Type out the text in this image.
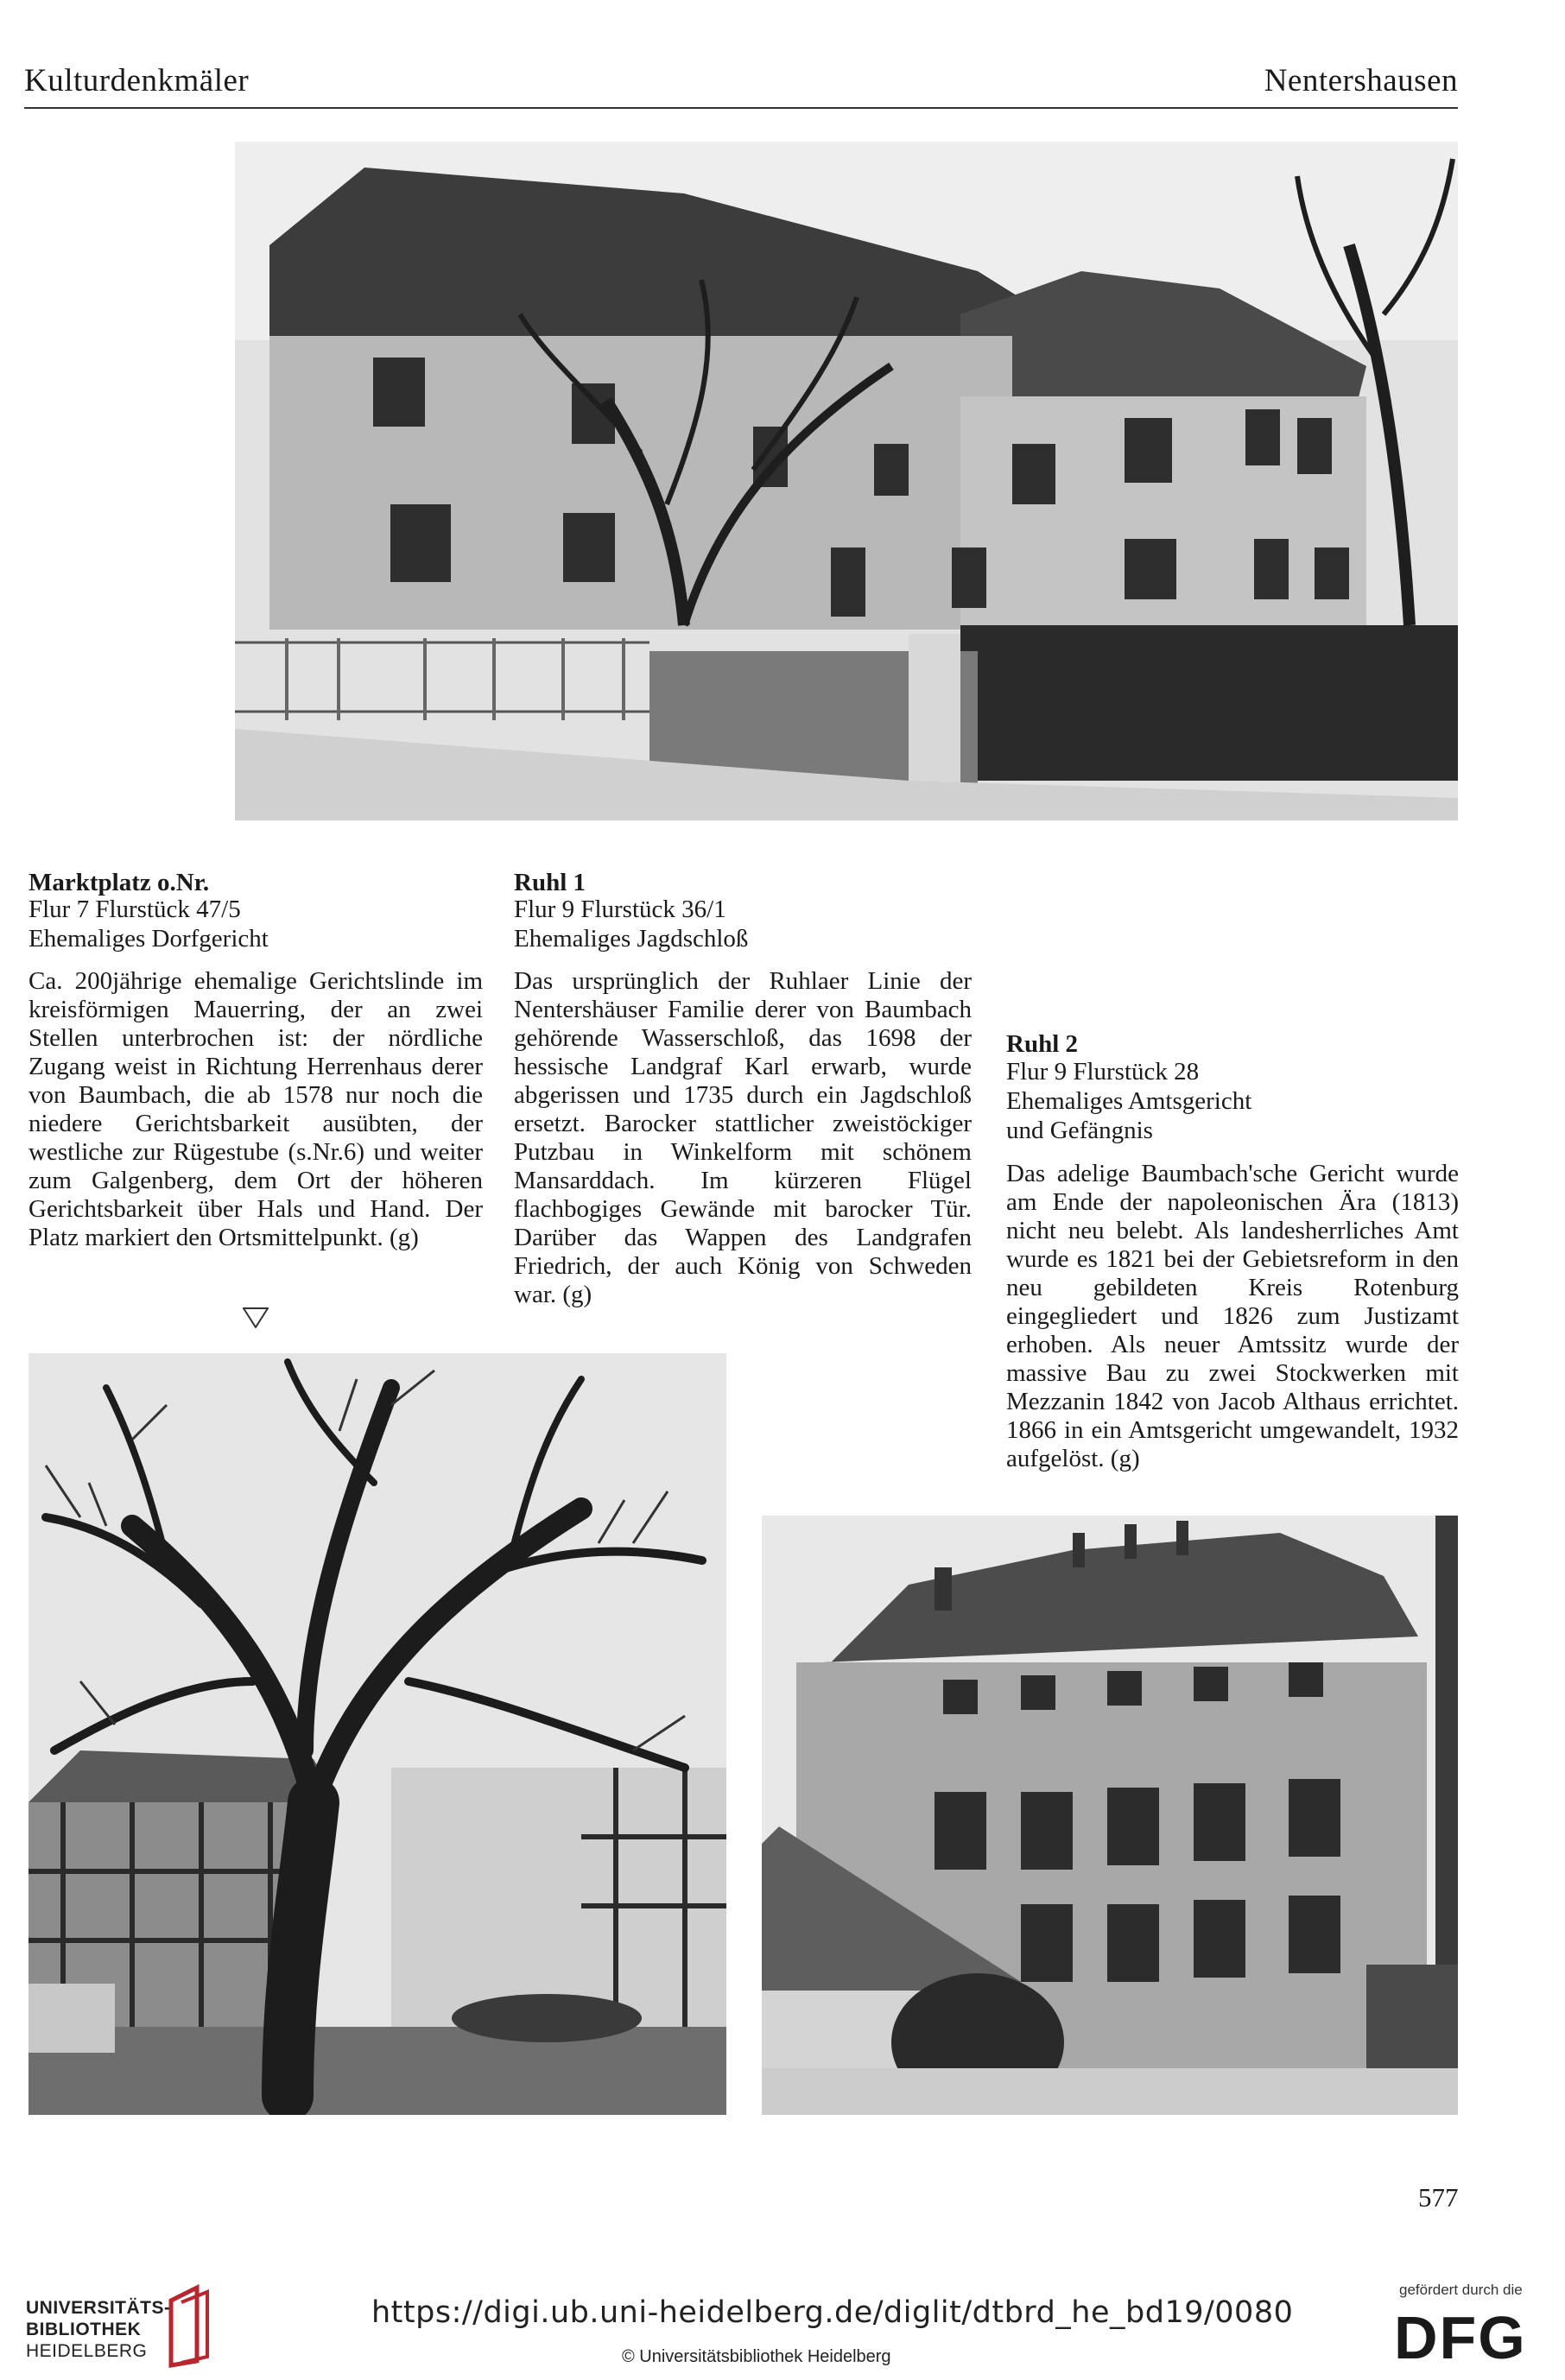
Kulturdenkmäler	Nentershausen
Marktplatz o.Nr.
Flur 7 Flurstück 47/5
Ehemaliges Dorfgericht
Ca. 200jährige ehemalige Gerichtslinde im kreisförmigen Mauerring, der an zwei Stellen unterbrochen ist: der nördliche Zugang weist in Richtung Herrenhaus derer von Baumbach, die ab 1578 nur noch die niedere Gerichtsbarkeit ausübten, der westliche zur Rügestube (s.Nr.6) und weiter zum Galgenberg, dem Ort der höheren Gerichtsbarkeit über Hals und Hand. Der Platz markiert den Ortsmittelpunkt. (g)
Ruhl 1
Flur 9 Flurstück 36/1
Ehemaliges Jagdschloß
Das ursprünglich der Ruhlaer Linie der Nentershäuser Familie derer von Baumbach gehörende Wasserschloß, das 1698 der hessische Landgraf Karl erwarb, wurde abgerissen und 1735 durch ein Jagdschloß ersetzt. Barocker stattlicher zweistöckiger Putzbau in Winkelform mit schönem Mansarddach. Im kürzeren Flügel flachbogiges Gewände mit barocker Tür. Darüber das Wappen des Landgrafen Friedrich, der auch König von Schweden war. (g)
Ruhl 2
Flur 9 Flurstück 28
Ehemaliges Amtsgericht
und Gefängnis
Das adelige Baumbach'sche Gericht wurde am Ende der napoleonischen Ära (1813) nicht neu belebt. Als landesherrliches Amt wurde es 1821 bei der Gebietsreform in den neu gebildeten Kreis Rotenburg eingegliedert und 1826 zum Justizamt erhoben. Als neuer Amtssitz wurde der massive Bau zu zwei Stockwerken mit Mezzanin 1842 von Jacob Althaus errichtet. 1866 in ein Amtsgericht umgewandelt, 1932 aufgelöst. (g)
577
UNIVERSITÄTS-
BIBLIOTHEK
HEIDELBERG
https://digi.ub.uni-heidelberg.de/diglit/dtbrd_he_bd19/0080
© Universitätsbibliothek Heidelberg
gefördert durch die
DFG
